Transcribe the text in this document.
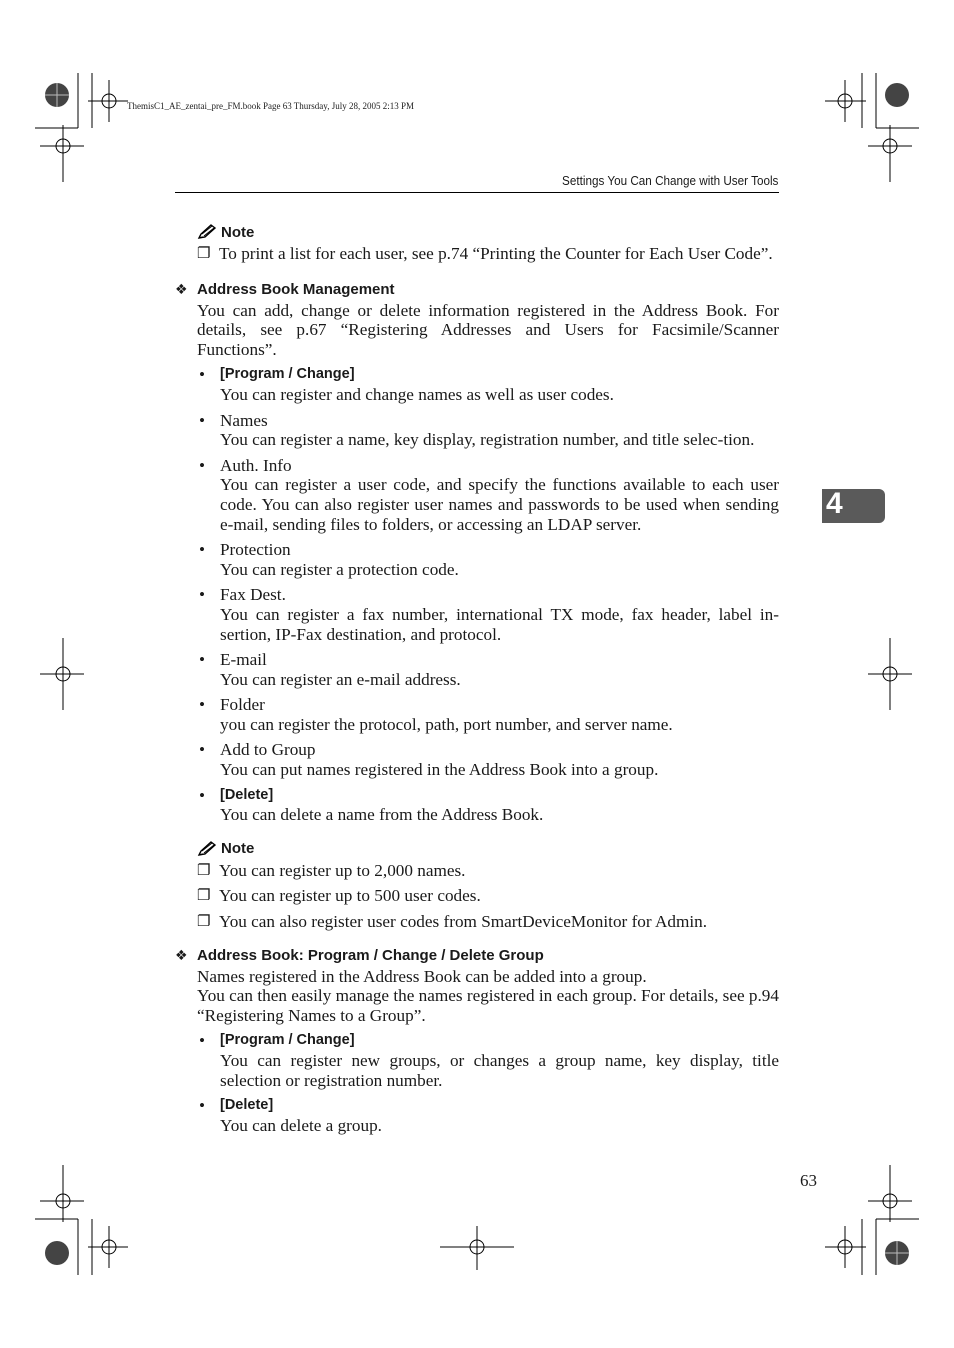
ThemisC1_AE_zentai_pre_FM.book Page 63 Thursday, July 28, 2005 2:13 PM
Settings You Can Change with User Tools
4
Note
❐ To print a list for each user, see p.74 “Printing the Counter for Each User Code”.
❖ Address Book Management
You can add, change or delete information registered in the Address Book. For details, see p.67 “Registering Addresses and Users for Facsimile/Scanner Functions”.
•	[Program / Change]
You can register and change names as well as user codes.
• Names
You can register a name, key display, registration number, and title selec-tion.
• Auth. Info
You can register a user code, and specify the functions available to each user code. You can also register user names and passwords to be used when sending e-mail, sending files to folders, or accessing an LDAP server.
• Protection
You can register a protection code.
• Fax Dest.
You can register a fax number, international TX mode, fax header, label in-sertion, IP-Fax destination, and protocol.
• E-mail
You can register an e-mail address.
• Folder
you can register the protocol, path, port number, and server name.
• Add to Group
You can put names registered in the Address Book into a group.
•	[Delete]
You can delete a name from the Address Book.
Note
❐ You can register up to 2,000 names.
❐ You can register up to 500 user codes.
❐ You can also register user codes from SmartDeviceMonitor for Admin.
❖ Address Book: Program / Change / Delete Group
Names registered in the Address Book can be added into a group.
You can then easily manage the names registered in each group. For details, see p.94 “Registering Names to a Group”.
•	[Program / Change]
You can register new groups, or changes a group name, key display, title selection or registration number.
•	[Delete]
You can delete a group.
63
